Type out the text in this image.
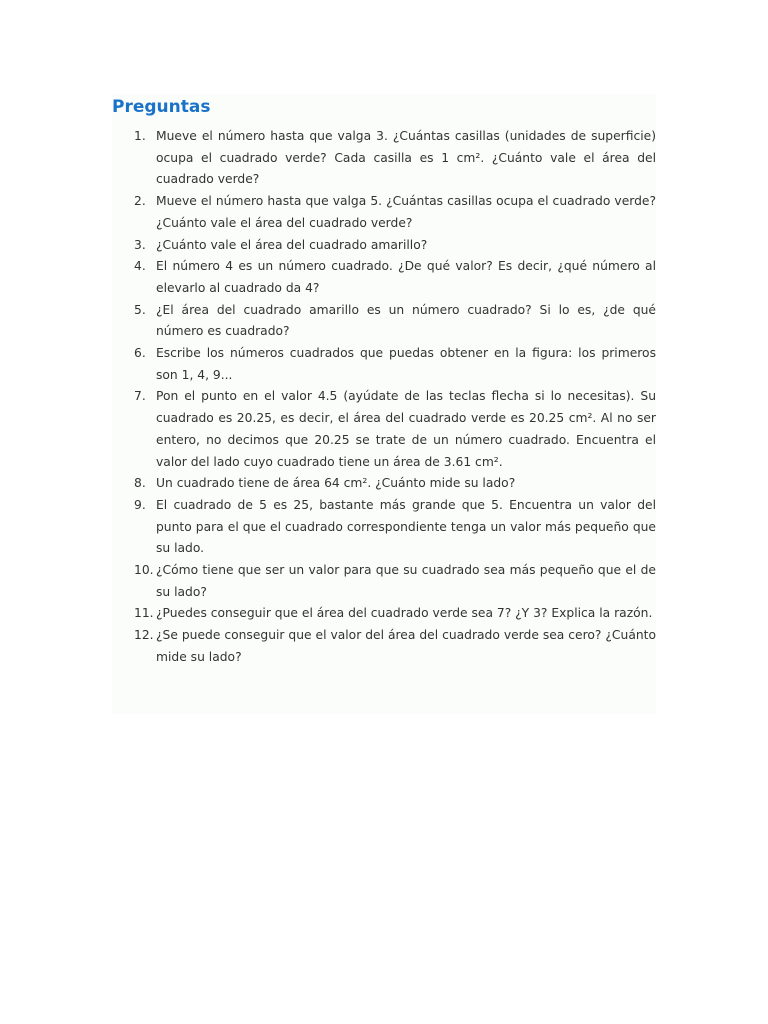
Preguntas
1. Mueve el número hasta que valga 3. ¿Cuántas casillas (unidades de superficie) ocupa el cuadrado verde? Cada casilla es 1 cm². ¿Cuánto vale el área del cuadrado verde?
2. Mueve el número hasta que valga 5. ¿Cuántas casillas ocupa el cuadrado verde? ¿Cuánto vale el área del cuadrado verde?
3. ¿Cuánto vale el área del cuadrado amarillo?
4. El número 4 es un número cuadrado. ¿De qué valor? Es decir, ¿qué número al elevarlo al cuadrado da 4?
5. ¿El área del cuadrado amarillo es un número cuadrado? Si lo es, ¿de qué número es cuadrado?
6. Escribe los números cuadrados que puedas obtener en la figura: los primeros son 1, 4, 9...
7. Pon el punto en el valor 4.5 (ayúdate de las teclas flecha si lo necesitas). Su cuadrado es 20.25, es decir, el área del cuadrado verde es 20.25 cm². Al no ser entero, no decimos que 20.25 se trate de un número cuadrado. Encuentra el valor del lado cuyo cuadrado tiene un área de 3.61 cm².
8. Un cuadrado tiene de área 64 cm². ¿Cuánto mide su lado?
9. El cuadrado de 5 es 25, bastante más grande que 5. Encuentra un valor del punto para el que el cuadrado correspondiente tenga un valor más pequeño que su lado.
10. ¿Cómo tiene que ser un valor para que su cuadrado sea más pequeño que el de su lado?
11. ¿Puedes conseguir que el área del cuadrado verde sea 7? ¿Y 3? Explica la razón.
12. ¿Se puede conseguir que el valor del área del cuadrado verde sea cero? ¿Cuánto mide su lado?
